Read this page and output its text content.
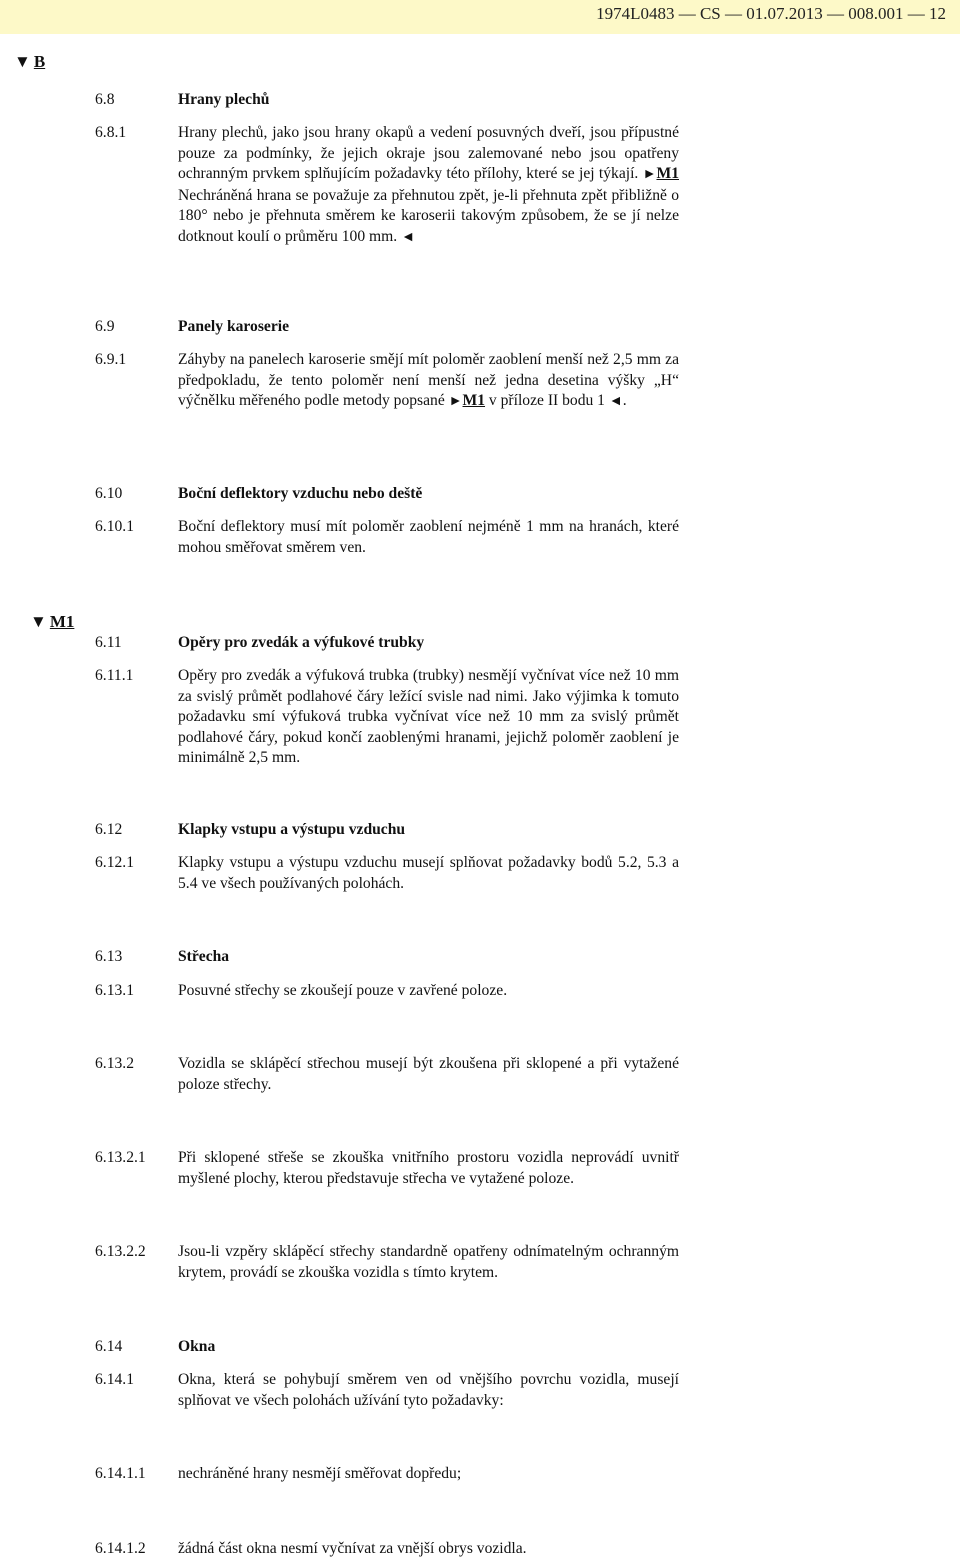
1974L0483 — CS — 01.07.2013 — 008.001 — 12
▼ B
6.8	Hrany plechů
6.8.1	Hrany plechů, jako jsou hrany okapů a vedení posuvných dveří, jsou přípustné pouze za podmínky, že jejich okraje jsou zalemované nebo jsou opatřeny ochranným prvkem splňujícím požadavky této přílohy, které se jej týkají. ►M1 Nechráněná hrana se považuje za přehnutou zpět, je-li přehnuta zpět přibližně o 180° nebo je přehnuta směrem ke karoserii takovým způsobem, že se jí nelze dotknout koulí o průměru 100 mm. ◄
6.9	Panely karoserie
6.9.1	Záhyby na panelech karoserie smějí mít poloměr zaoblení menší než 2,5 mm za předpokladu, že tento poloměr není menší než jedna desetina výšky „H“ výčnělku měřeného podle metody popsané ►M1 v příloze II bodu 1 ◄.
6.10	Boční deflektory vzduchu nebo deště
6.10.1	Boční deflektory musí mít poloměr zaoblení nejméně 1 mm na hranách, které mohou směřovat směrem ven.
▼ M1
6.11	Opěry pro zvedák a výfukové trubky
6.11.1	Opěry pro zvedák a výfuková trubka (trubky) nesmějí vyčnívat více než 10 mm za svislý průmět podlahové čáry ležící svisle nad nimi. Jako výjimka k tomuto požadavku smí výfuková trubka vyčnívat více než 10 mm za svislý průmět podlahové čáry, pokud končí zaoblenými hranami, jejichž poloměr zaoblení je minimálně 2,5 mm.
6.12	Klapky vstupu a výstupu vzduchu
6.12.1	Klapky vstupu a výstupu vzduchu musejí splňovat požadavky bodů 5.2, 5.3 a 5.4 ve všech používaných polohách.
6.13	Střecha
6.13.1	Posuvné střechy se zkoušejí pouze v zavřené poloze.
6.13.2	Vozidla se sklápěcí střechou musejí být zkoušena při sklopené a při vytažené poloze střechy.
6.13.2.1	Při sklopené střeše se zkouška vnitřního prostoru vozidla neprovádí uvnitř myšlené plochy, kterou představuje střecha ve vytažené poloze.
6.13.2.2	Jsou-li vzpěry sklápěcí střechy standardně opatřeny odnímatelným ochranným krytem, provádí se zkouška vozidla s tímto krytem.
6.14	Okna
6.14.1	Okna, která se pohybují směrem ven od vnějšího povrchu vozidla, musejí splňovat ve všech polohách užívání tyto požadavky:
6.14.1.1	nechráněné hrany nesmějí směřovat dopředu;
6.14.1.2	žádná část okna nesmí vyčnívat za vnější obrys vozidla.
